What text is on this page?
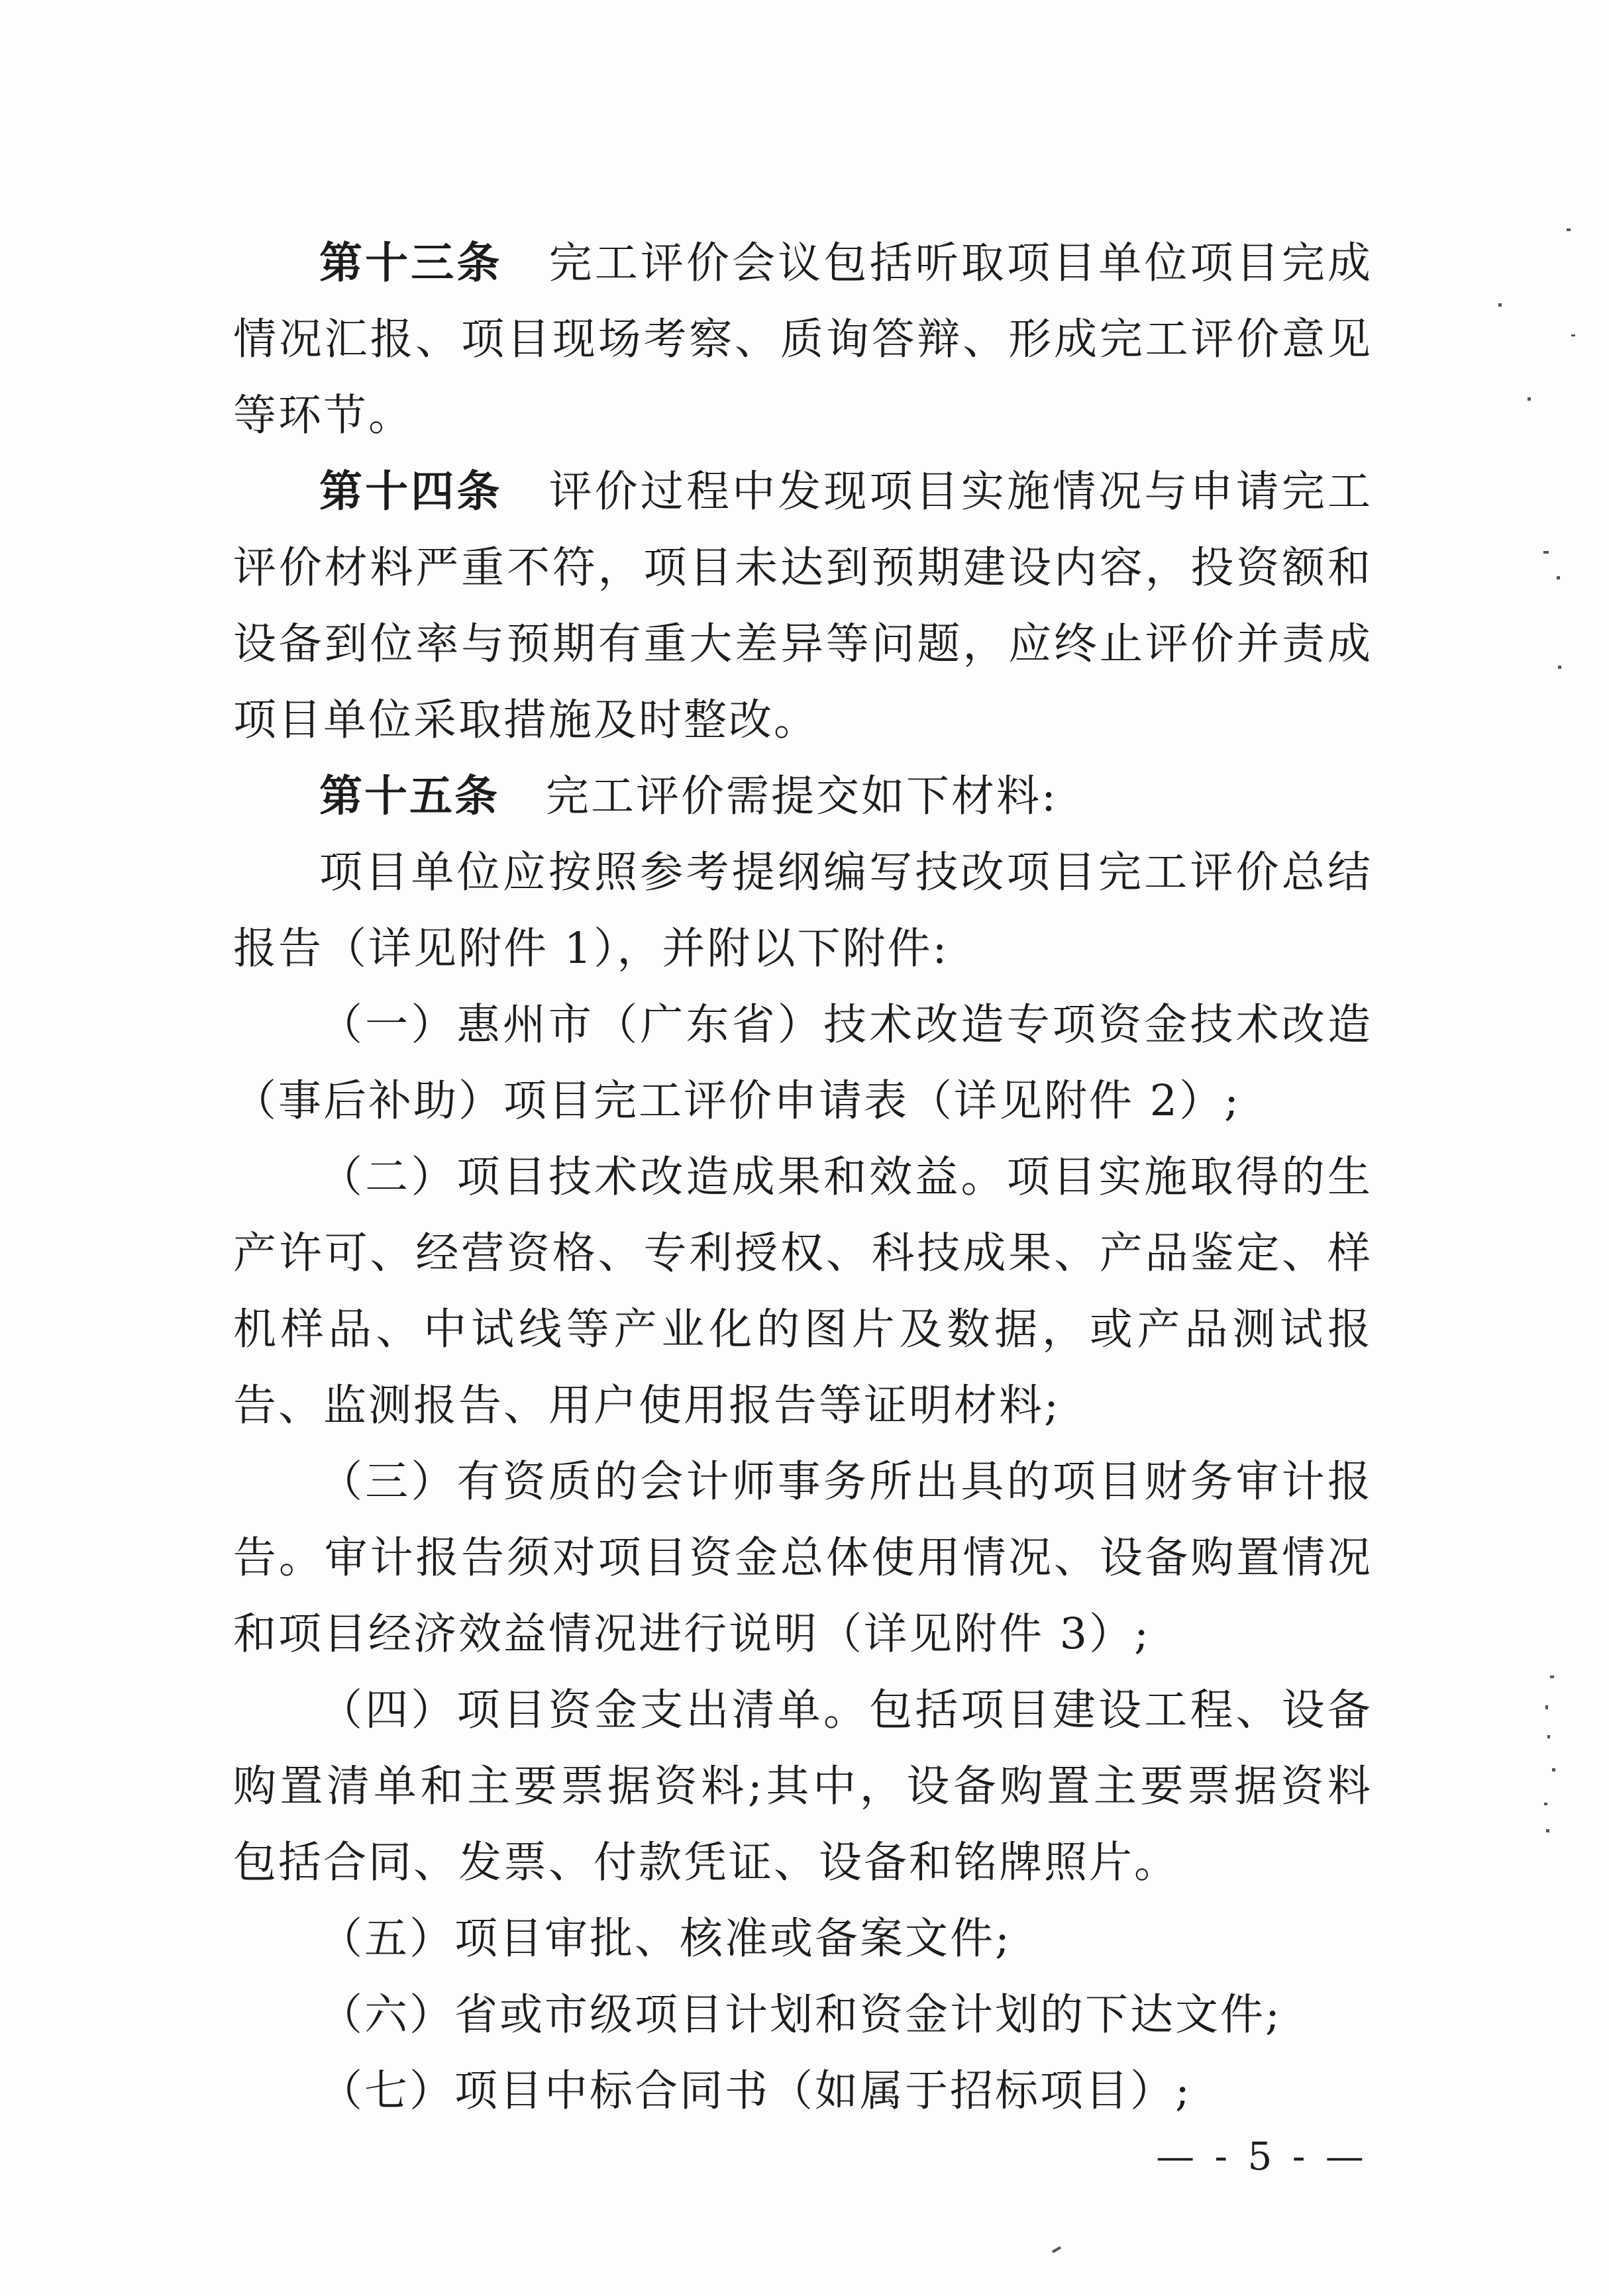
第十三条 完工评价会议包括听取项目单位项目完成情况汇报、项目现场考察、质询答辩、形成完工评价意见等环节。

第十四条 评价过程中发现项目实施情况与申请完工评价材料严重不符，项目未达到预期建设内容，投资额和设备到位率与预期有重大差异等问题，应终止评价并责成项目单位采取措施及时整改。

第十五条 完工评价需提交如下材料:

项目单位应按照参考提纲编写技改项目完工评价总结报告（详见附件 1），并附以下附件:

（一）惠州市（广东省）技术改造专项资金技术改造（事后补助）项目完工评价申请表（详见附件 2）;

（二）项目技术改造成果和效益。项目实施取得的生产许可、经营资格、专利授权、科技成果、产品鉴定、样机样品、中试线等产业化的图片及数据，或产品测试报告、监测报告、用户使用报告等证明材料;

（三）有资质的会计师事务所出具的项目财务审计报告。审计报告须对项目资金总体使用情况、设备购置情况和项目经济效益情况进行说明（详见附件 3）;

（四）项目资金支出清单。包括项目建设工程、设备购置清单和主要票据资料;其中，设备购置主要票据资料包括合同、发票、付款凭证、设备和铭牌照片。

（五）项目审批、核准或备案文件;

（六）省或市级项目计划和资金计划的下达文件;

（七）项目中标合同书（如属于招标项目）;

— - 5 - —
